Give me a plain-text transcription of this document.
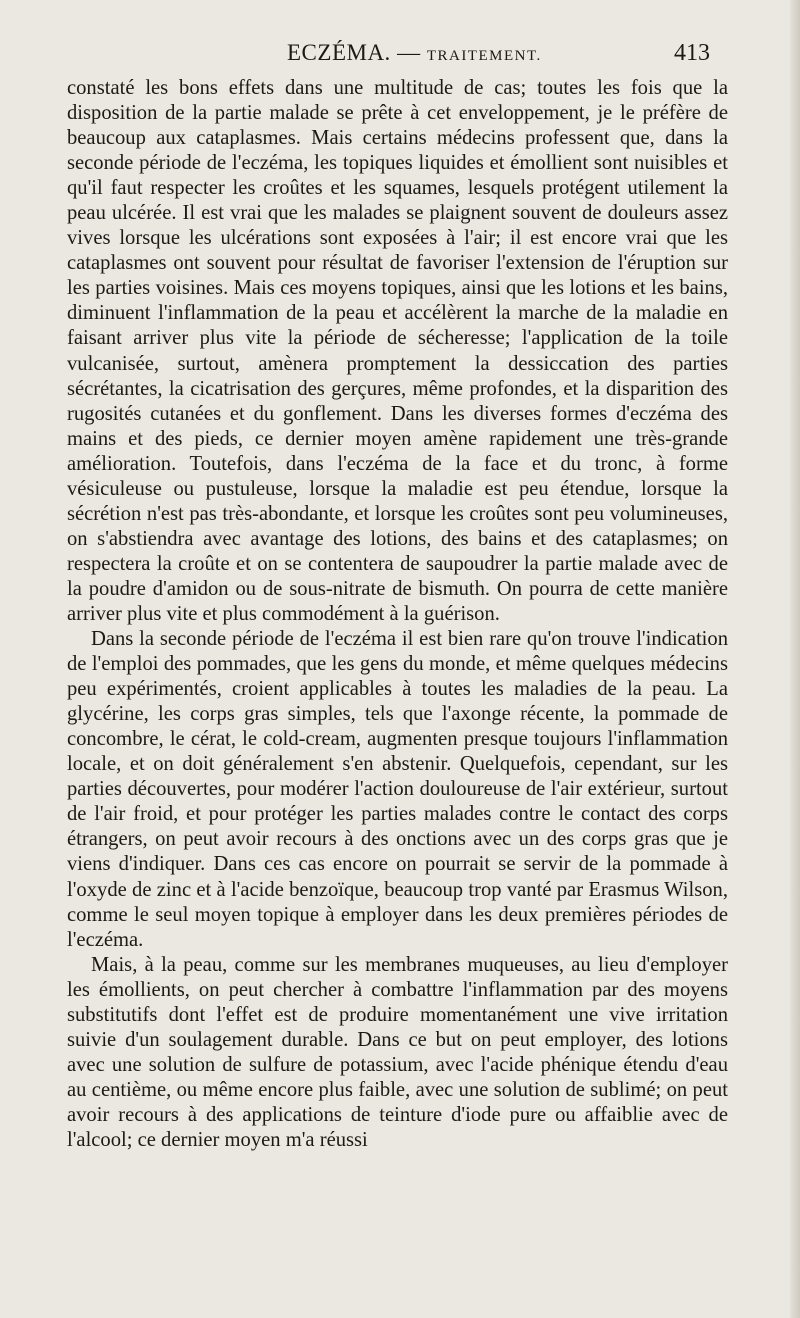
ECZÉMA. — TRAITEMENT.	413

constaté les bons effets dans une multitude de cas; toutes les fois que la disposition de la partie malade se prête à cet enveloppement, je le préfère de beaucoup aux cataplasmes. Mais certains médecins professent que, dans la seconde période de l'eczéma, les topiques liquides et émollient sont nuisibles et qu'il faut respecter les croûtes et les squames, lesquels protégent utilement la peau ulcérée. Il est vrai que les malades se plaignent souvent de douleurs assez vives lorsque les ulcérations sont exposées à l'air; il est encore vrai que les cataplasmes ont souvent pour résultat de favoriser l'extension de l'éruption sur les parties voisines. Mais ces moyens topiques, ainsi que les lotions et les bains, diminuent l'inflammation de la peau et accélèrent la marche de la maladie en faisant arriver plus vite la période de sécheresse; l'application de la toile vulcanisée, surtout, amènera promptement la dessiccation des parties sécrétantes, la cicatrisation des gerçures, même profondes, et la disparition des rugosités cutanées et du gonflement. Dans les diverses formes d'eczéma des mains et des pieds, ce dernier moyen amène rapidement une très-grande amélioration. Toutefois, dans l'eczéma de la face et du tronc, à forme vésiculeuse ou pustuleuse, lorsque la maladie est peu étendue, lorsque la sécrétion n'est pas très-abondante, et lorsque les croûtes sont peu volumineuses, on s'abstiendra avec avantage des lotions, des bains et des cataplasmes; on respectera la croûte et on se contentera de saupoudrer la partie malade avec de la poudre d'amidon ou de sous-nitrate de bismuth. On pourra de cette manière arriver plus vite et plus commodément à la guérison.

Dans la seconde période de l'eczéma il est bien rare qu'on trouve l'indication de l'emploi des pommades, que les gens du monde, et même quelques médecins peu expérimentés, croient applicables à toutes les maladies de la peau. La glycérine, les corps gras simples, tels que l'axonge récente, la pommade de concombre, le cérat, le cold-cream, augmenten presque toujours l'inflammation locale, et on doit généralement s'en abstenir. Quelquefois, cependant, sur les parties découvertes, pour modérer l'action douloureuse de l'air extérieur, surtout de l'air froid, et pour protéger les parties malades contre le contact des corps étrangers, on peut avoir recours à des onctions avec un des corps gras que je viens d'indiquer. Dans ces cas encore on pourrait se servir de la pommade à l'oxyde de zinc et à l'acide benzoïque, beaucoup trop vanté par Erasmus Wilson, comme le seul moyen topique à employer dans les deux premières périodes de l'eczéma.

Mais, à la peau, comme sur les membranes muqueuses, au lieu d'employer les émollients, on peut chercher à combattre l'inflammation par des moyens substitutifs dont l'effet est de produire momentanément une vive irritation suivie d'un soulagement durable. Dans ce but on peut employer, des lotions avec une solution de sulfure de potassium, avec l'acide phénique étendu d'eau au centième, ou même encore plus faible, avec une solution de sublimé; on peut avoir recours à des applications de teinture d'iode pure ou affaiblie avec de l'alcool; ce dernier moyen m'a réussi
